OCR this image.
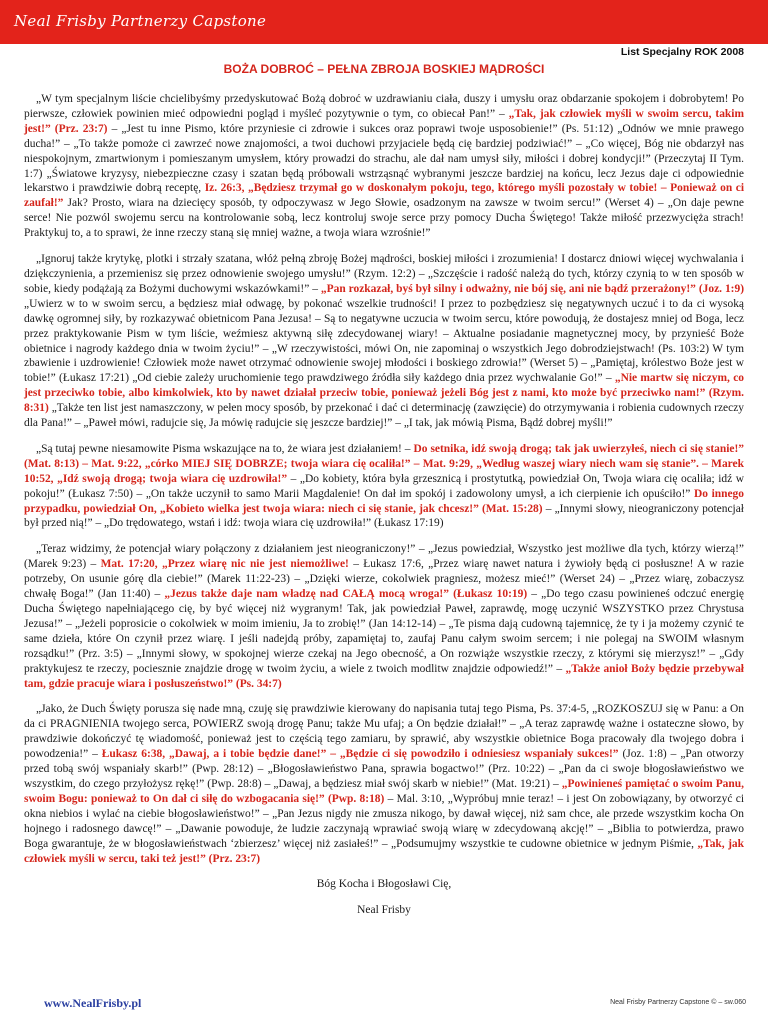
Neal Frisby Partnerzy Capstone
List Specjalny ROK 2008
BOŻA DOBROĆ – PEŁNA ZBROJA BOSKIEJ MĄDROŚCI

„W tym specjalnym liście chcielibyśmy przedyskutować Bożą dobroć w uzdrawianiu ciała, duszy i umysłu oraz obdarzanie spokojem i dobrobytem! Po pierwsze, człowiek powinien mieć odpowiedni pogląd i myśleć pozytywnie o tym, co obiecał Pan!” – „Tak, jak człowiek myśli w swoim sercu, takim jest!” (Prz. 23:7) – „Jest tu inne Pismo, które przyniesie ci zdrowie i sukces oraz poprawi twoje usposobienie!” (Ps. 51:12) „Odnów we mnie prawego ducha!” – „To także pomoże ci zawrzeć nowe znajomości, a twoi duchowi przyjaciele będą cię bardziej podziwiać!” – „Co więcej, Bóg nie obdarzył nas niespokojnym, zmartwionym i pomieszanym umysłem, który prowadzi do strachu, ale dał nam umysł siły, miłości i dobrej kondycji!” (Przeczytaj II Tym. 1:7) „Światowe kryzysy, niebezpieczne czasy i szatan będą próbowali wstrząsnąć wybranymi jeszcze bardziej na końcu, lecz Jezus daje ci odpowiednie lekarstwo i prawdziwie dobrą receptę, Iz. 26:3, „Będziesz trzymał go w doskonałym pokoju, tego, którego myśli pozostały w tobie! – Ponieważ on ci zaufał!” Jak? Prosto, wiara na dziecięcy sposób, ty odpoczywasz w Jego Słowie, osadzonym na zawsze w twoim sercu!” (Werset 4) – „On daje pewne serce! Nie pozwól swojemu sercu na kontrolowanie sobą, lecz kontroluj swoje serce przy pomocy Ducha Świętego! Także miłość przezwycięża strach! Praktykuj to, a to sprawi, że inne rzeczy staną się mniej ważne, a twoja wiara wzrośnie!”

„Ignoruj także krytykę, plotki i strzały szatana, włóż pełną zbroję Bożej mądrości, boskiej miłości i zrozumienia! I dostarcz dniowi więcej wychwalania i dziękczynienia, a przemienisz się przez odnowienie swojego umysłu!” (Rzym. 12:2) – „Szczęście i radość należą do tych, którzy czynią to w ten sposób w sobie, kiedy podążają za Bożymi duchowymi wskazówkami!” – „Pan rozkazał, byś był silny i odważny, nie bój się, ani nie bądź przerażony!” (Joz. 1:9) „Uwierz w to w swoim sercu, a będziesz miał odwagę, by pokonać wszelkie trudności! I przez to pozbędziesz się negatywnych uczuć i to da ci wysoką dawkę ogromnej siły, by rozkazywać obietnicom Pana Jezusa! – Są to negatywne uczucia w twoim sercu, które powodują, że dostajesz mniej od Boga, lecz przez praktykowanie Pism w tym liście, weźmiesz aktywną siłę zdecydowanej wiary! – Aktualne posiadanie magnetycznej mocy, by przynieść Boże obietnice i nagrody każdego dnia w twoim życiu!” – „W rzeczywistości, mówi On, nie zapominaj o wszystkich Jego dobrodziejstwach! (Ps. 103:2) W tym zbawienie i uzdrowienie! Człowiek może nawet otrzymać odnowienie swojej młodości i boskiego zdrowia!” (Werset 5) – „Pamiętaj, królestwo Boże jest w tobie!” (Łukasz 17:21) „Od ciebie zależy uruchomienie tego prawdziwego źródła siły każdego dnia przez wychwalanie Go!” – „Nie martw się niczym, co jest przeciwko tobie, albo kimkolwiek, kto by nawet działał przeciw tobie, ponieważ jeżeli Bóg jest z nami, kto może być przeciwko nam!” (Rzym. 8:31) „Także ten list jest namaszczony, w pełen mocy sposób, by przekonać i dać ci determinację (zawzięcie) do otrzymywania i robienia cudownych rzeczy dla Pana!” – „Paweł mówi, radujcie się, Ja mówię radujcie się jeszcze bardziej!” – „I tak, jak mówią Pisma, Bądź dobrej myśli!”

„Są tutaj pewne niesamowite Pisma wskazujące na to, że wiara jest działaniem! – Do setnika, idź swoją drogą; tak jak uwierzyłeś, niech ci się stanie!” (Mat. 8:13) – Mat. 9:22, „córko MIEJ SIĘ DOBRZE; twoja wiara cię ocaliła!” – Mat. 9:29, „Według waszej wiary niech wam się stanie”. – Marek 10:52, „Idź swoją drogą; twoja wiara cię uzdrowiła!” – „Do kobiety, która była grzesznicą i prostytutką, powiedział On, Twoja wiara cię ocaliła; idź w pokoju!” (Łukasz 7:50) – „On także uczynił to samo Marii Magdalenie! On dał im spokój i zadowolony umysł, a ich cierpienie ich opuściło!” Do innego przypadku, powiedział On, „Kobieto wielka jest twoja wiara: niech ci się stanie, jak chcesz!” (Mat. 15:28) – „Innymi słowy, nieograniczony potencjał był przed nią!” – „Do trędowatego, wstań i idź: twoja wiara cię uzdrowiła!” (Łukasz 17:19)

„Teraz widzimy, że potencjał wiary połączony z działaniem jest nieograniczony!” – „Jezus powiedział, Wszystko jest możliwe dla tych, którzy wierzą!” (Marek 9:23) – Mat. 17:20, „Przez wiarę nic nie jest niemożliwe! – Łukasz 17:6, „Przez wiarę nawet natura i żywioły będą ci posłuszne! A w razie potrzeby, On usunie górę dla ciebie!” (Marek 11:22-23) – „Dzięki wierze, cokolwiek pragniesz, możesz mieć!” (Werset 24) – „Przez wiarę, zobaczysz chwałę Boga!” (Jan 11:40) – „Jezus także daje nam władzę nad CAŁĄ mocą wroga!” (Łukasz 10:19) – „Do tego czasu powinieneś odczuć energię Ducha Świętego napełniającego cię, by być więcej niż wygranym! Tak, jak powiedział Paweł, zaprawdę, mogę uczynić WSZYSTKO przez Chrystusa Jezusa!” – „Jeżeli poprosicie o cokolwiek w moim imieniu, Ja to zrobię!” (Jan 14:12-14) – „Te pisma dają cudowną tajemnicę, że ty i ja możemy czynić te same dzieła, które On czynił przez wiarę. I jeśli nadejdą próby, zapamiętaj to, zaufaj Panu całym swoim sercem; i nie polegaj na SWOIM własnym rozsądku!” (Prz. 3:5) – „Innymi słowy, w spokojnej wierze czekaj na Jego obecność, a On rozwiąże wszystkie rzeczy, z którymi się mierzysz!” – „Gdy praktykujesz te rzeczy, pociesznie znajdzie drogę w twoim życiu, a wiele z twoich modlitw znajdzie odpowiedź!” – „Także anioł Boży będzie przebywał tam, gdzie pracuje wiara i posłuszeństwo!” (Ps. 34:7)

„Jako, że Duch Święty porusza się nade mną, czuję się prawdziwie kierowany do napisania tutaj tego Pisma, Ps. 37:4-5, „ROZKOSZUJ się w Panu: a On da ci PRAGNIENIA twojego serca, POWIERZ swoją drogę Panu; także Mu ufaj; a On będzie działał!” – „A teraz zaprawdę ważne i ostateczne słowo, by prawdziwie dokończyć tę wiadomość, ponieważ jest to częścią tego zamiaru, by sprawić, aby wszystkie obietnice Boga pracowały dla twojego dobra i powodzenia!” – Łukasz 6:38, „Dawaj, a i tobie będzie dane!” – „Będzie ci się powodziło i odniesiesz wspaniały sukces!” (Joz. 1:8) – „Pan otworzy przed tobą swój wspaniały skarb!” (Pwp. 28:12) – „Błogosławieństwo Pana, sprawia bogactwo!” (Prz. 10:22) – „Pan da ci swoje błogosławieństwo we wszystkim, do czego przyłożysz rękę!” (Pwp. 28:8) – „Dawaj, a będziesz miał swój skarb w niebie!” (Mat. 19:21) – „Powinieneś pamiętać o swoim Panu, swoim Bogu: ponieważ to On dał ci siłę do wzbogacania się!” (Pwp. 8:18) – Mal. 3:10, „Wypróbuj mnie teraz! – i jest On zobowiązany, by otworzyć ci okna niebios i wylać na ciebie błogosławieństwo!” – „Pan Jezus nigdy nie zmusza nikogo, by dawał więcej, niż sam chce, ale przede wszystkim kocha On hojnego i radosnego dawcę!” – „Dawanie powoduje, że ludzie zaczynają wprawiać swoją wiarę w zdecydowaną akcję!” – „Biblia to potwierdza, prawo Boga gwarantuje, że w błogosławieństwach ‘zbierzesz’ więcej niż zasiałeś!” – „Podsumujmy wszystkie te cudowne obietnice w jednym Piśmie, „Tak, jak człowiek myśli w sercu, taki też jest!” (Prz. 23:7)

Bóg Kocha i Błogosławi Cię,

Neal Frisby

www.NealFrisby.pl	Neal Frisby Partnerzy Capstone © – sw.060
